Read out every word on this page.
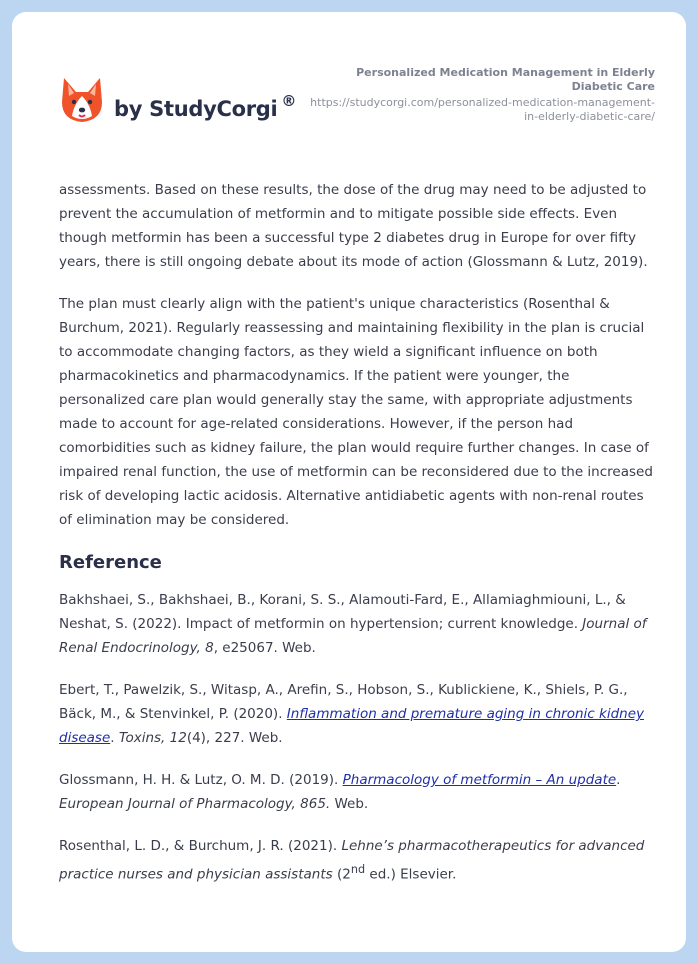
by StudyCorgi ®
Personalized Medication Management in Elderly Diabetic Care
https://studycorgi.com/personalized-medication-management-in-elderly-diabetic-care/

assessments. Based on these results, the dose of the drug may need to be adjusted to prevent the accumulation of metformin and to mitigate possible side effects. Even though metformin has been a successful type 2 diabetes drug in Europe for over fifty years, there is still ongoing debate about its mode of action (Glossmann & Lutz, 2019).

The plan must clearly align with the patient's unique characteristics (Rosenthal & Burchum, 2021). Regularly reassessing and maintaining flexibility in the plan is crucial to accommodate changing factors, as they wield a significant influence on both pharmacokinetics and pharmacodynamics. If the patient were younger, the personalized care plan would generally stay the same, with appropriate adjustments made to account for age-related considerations. However, if the person had comorbidities such as kidney failure, the plan would require further changes. In case of impaired renal function, the use of metformin can be reconsidered due to the increased risk of developing lactic acidosis. Alternative antidiabetic agents with non-renal routes of elimination may be considered.

Reference
Bakhshaei, S., Bakhshaei, B., Korani, S. S., Alamouti-Fard, E., Allamiaghmiouni, L., & Neshat, S. (2022). Impact of metformin on hypertension; current knowledge. Journal of Renal Endocrinology, 8, e25067. Web.
Ebert, T., Pawelzik, S., Witasp, A., Arefin, S., Hobson, S., Kublickiene, K., Shiels, P. G., Bäck, M., & Stenvinkel, P. (2020). Inflammation and premature aging in chronic kidney disease. Toxins, 12(4), 227. Web.
Glossmann, H. H. & Lutz, O. M. D. (2019). Pharmacology of metformin – An update. European Journal of Pharmacology, 865. Web.
Rosenthal, L. D., & Burchum, J. R. (2021). Lehne’s pharmacotherapeutics for advanced practice nurses and physician assistants (2nd ed.) Elsevier.
